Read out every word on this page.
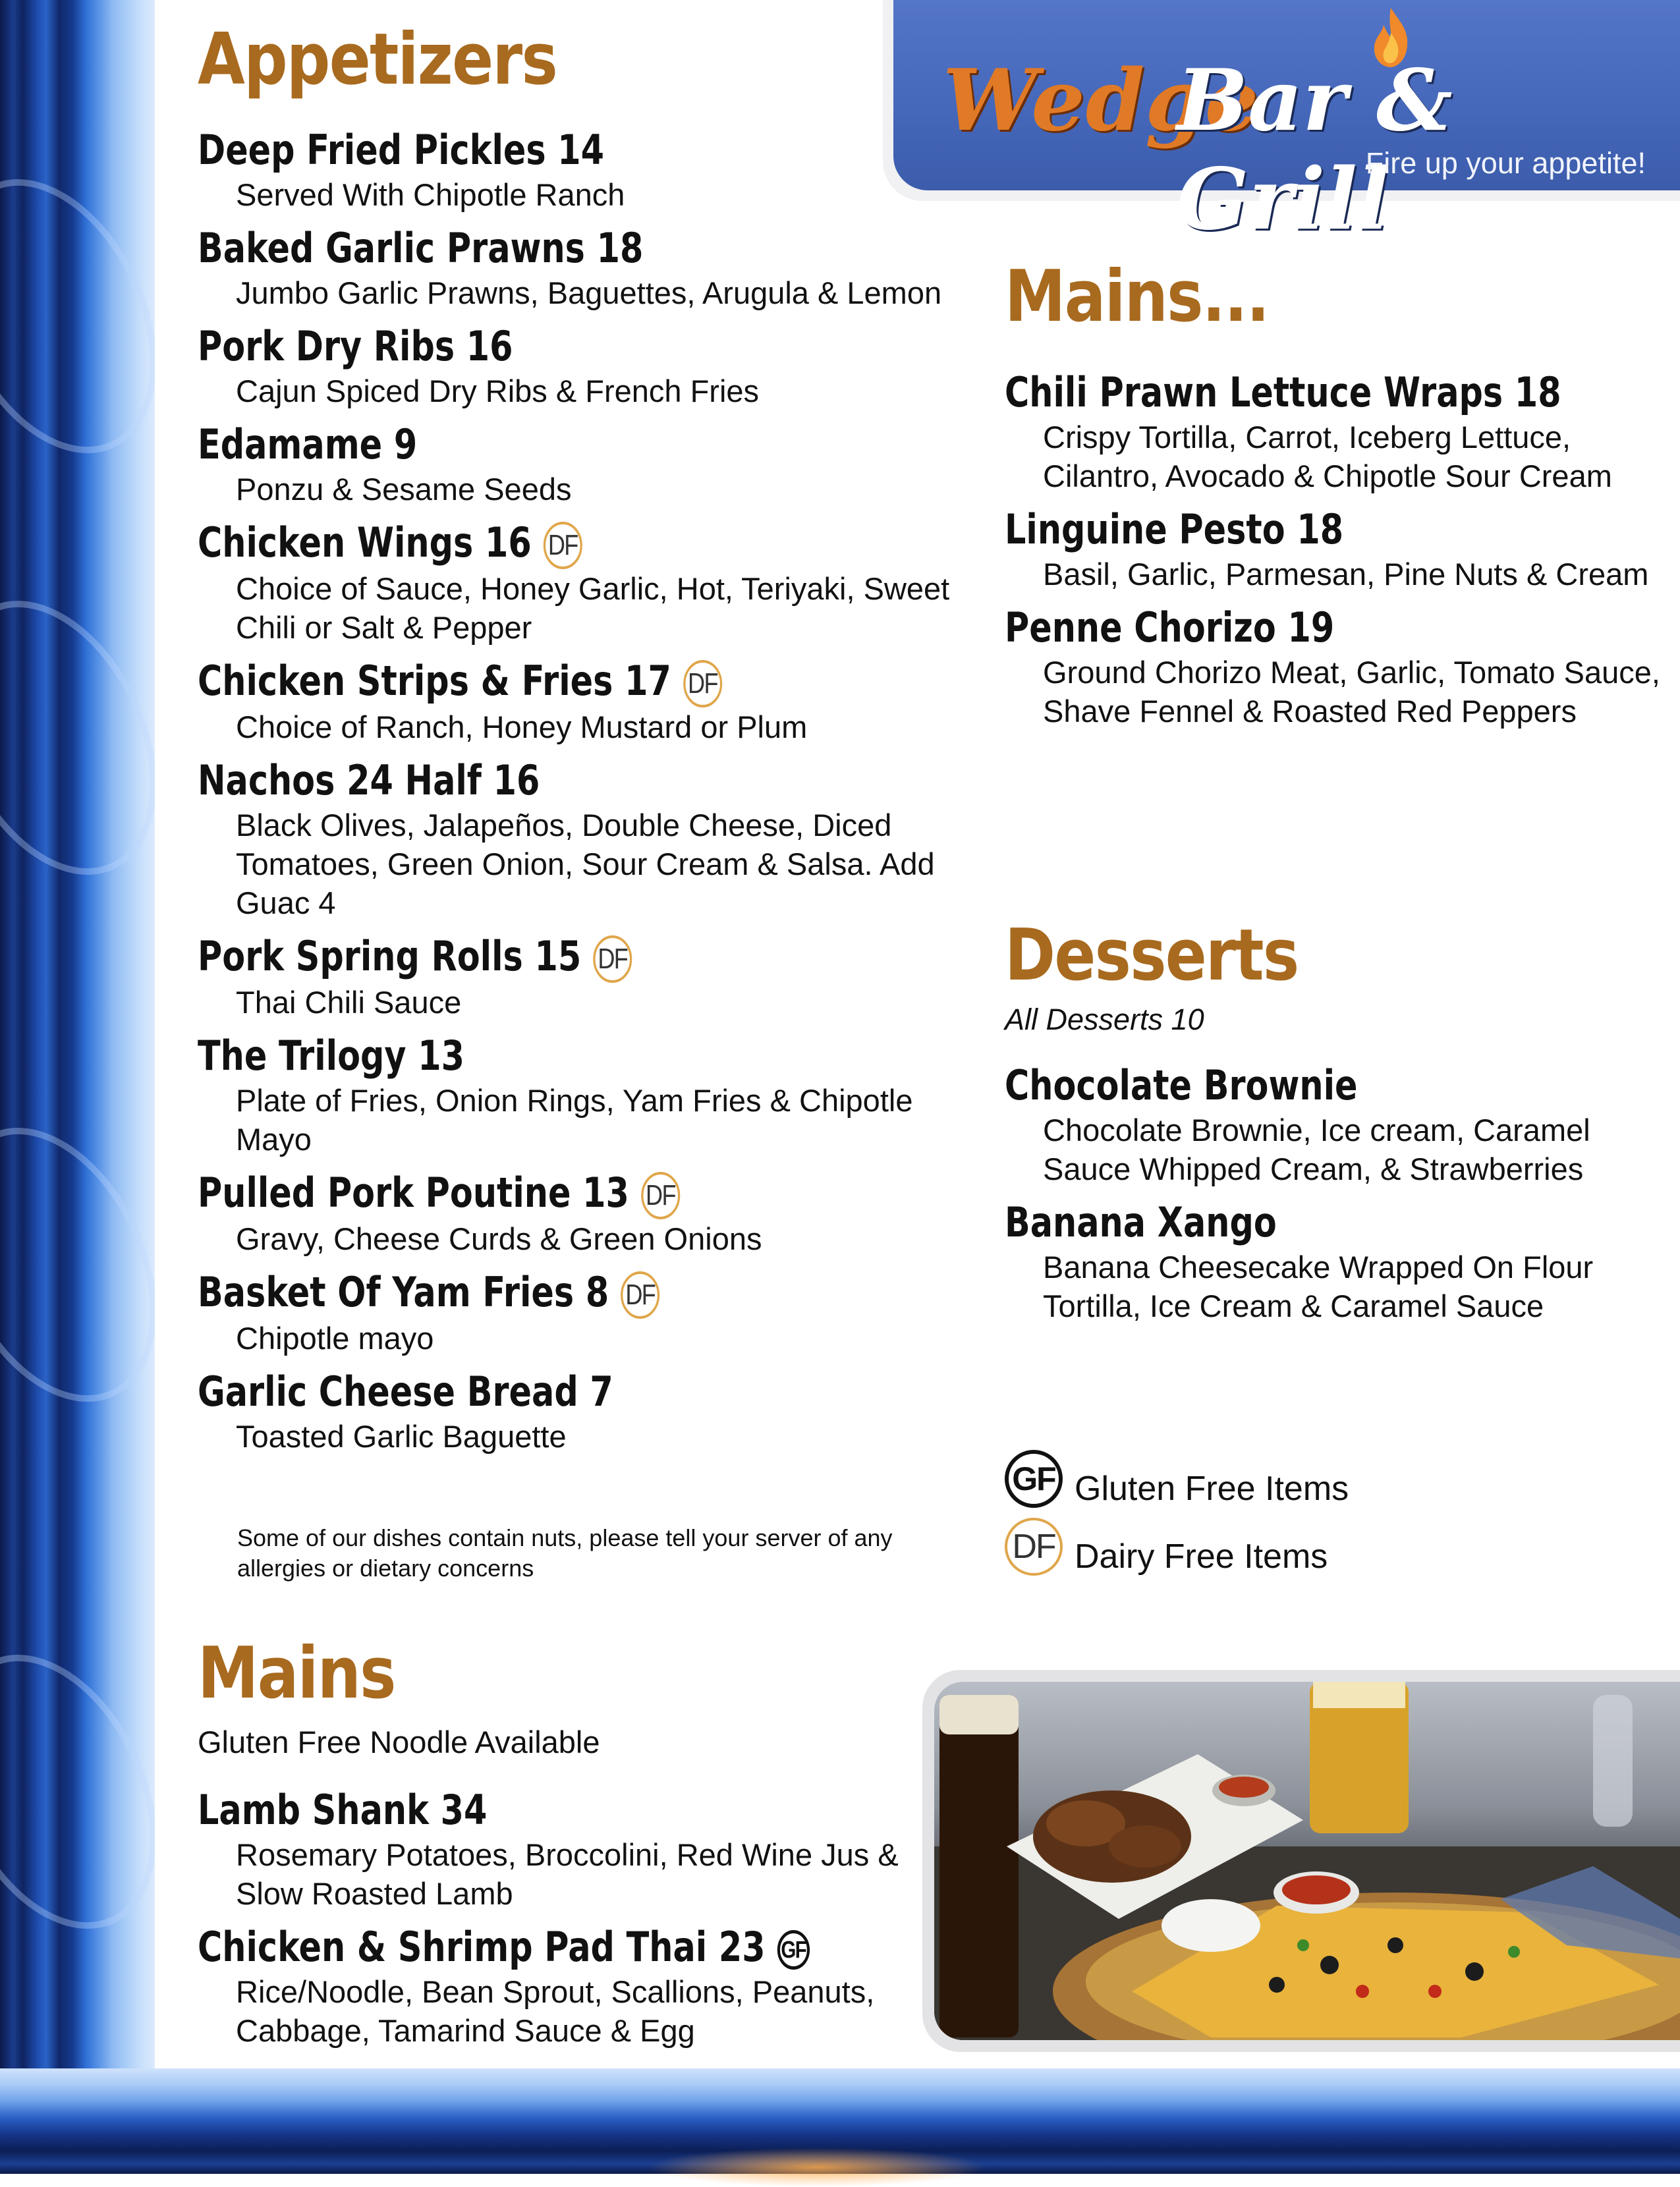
Wedge
Bar & Grill
Fire up your appetite!
Appetizers
Deep Fried Pickles 14
Served With Chipotle Ranch
Baked Garlic Prawns 18
Jumbo Garlic Prawns, Baguettes, Arugula & Lemon
Pork Dry Ribs 16
Cajun Spiced Dry Ribs & French Fries
Edamame 9
Ponzu & Sesame Seeds
Chicken Wings 16 DF
Choice of Sauce, Honey Garlic, Hot, Teriyaki, Sweet Chili or Salt & Pepper
Chicken Strips & Fries 17 DF
Choice of Ranch, Honey Mustard or Plum
Nachos 24 Half 16
Black Olives, Jalapeños, Double Cheese, Diced Tomatoes, Green Onion, Sour Cream & Salsa. Add Guac 4
Pork Spring Rolls 15 DF
Thai Chili Sauce
The Trilogy 13
Plate of Fries, Onion Rings, Yam Fries & Chipotle Mayo
Pulled Pork Poutine 13 DF
Gravy, Cheese Curds & Green Onions
Basket Of Yam Fries 8 DF
Chipotle mayo
Garlic Cheese Bread 7
Toasted Garlic Baguette
Some of our dishes contain nuts, please tell your server of any allergies or dietary concerns
Mains
Gluten Free Noodle Available
Lamb Shank 34
Rosemary Potatoes, Broccolini, Red Wine Jus & Slow Roasted Lamb
Chicken & Shrimp Pad Thai 23 GF
Rice/Noodle, Bean Sprout, Scallions, Peanuts, Cabbage, Tamarind Sauce & Egg
Mains...
Chili Prawn Lettuce Wraps 18
Crispy Tortilla, Carrot, Iceberg Lettuce, Cilantro, Avocado & Chipotle Sour Cream
Linguine Pesto 18
Basil, Garlic, Parmesan, Pine Nuts & Cream
Penne Chorizo 19
Ground Chorizo Meat, Garlic, Tomato Sauce, Shave Fennel & Roasted Red Peppers
Desserts
All Desserts 10
Chocolate Brownie
Chocolate Brownie, Ice cream, Caramel Sauce Whipped Cream, & Strawberries
Banana Xango
Banana Cheesecake Wrapped On Flour Tortilla, Ice Cream & Caramel Sauce
GF Gluten Free Items
DF Dairy Free Items
